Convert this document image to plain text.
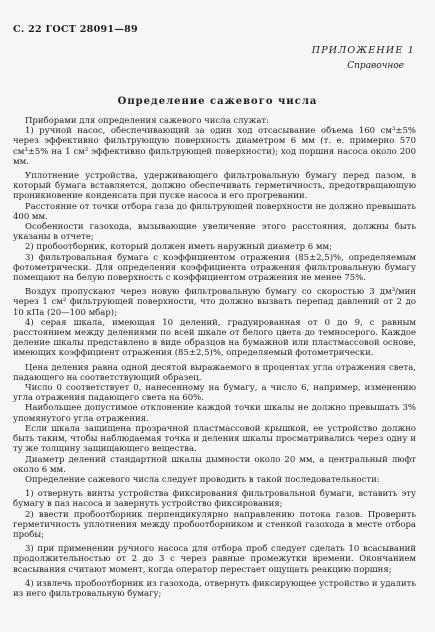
С. 22 ГОСТ 28091—89
ПРИЛОЖЕНИЕ 1
Справочное
Определение сажевого числа

Приборами для определения сажевого числа служат:

1) ручной насос, обеспечивающий за один ход отсасывание объема 160 см³±5% через эффективно фильтрующую поверхность диаметром 6 мм (т. е. примерно 570 см³±5% на 1 см² эффективно фильтрующей поверхности); ход поршня насоса около 200 мм.

Уплотнение устройства, удерживающего фильтровальную бумагу перед пазом, в который бумага вставляется, должно обеспечивать герметичность, предотвращающую проникновение конденсата при пуске насоса и его прогревании.

Расстояние от точки отбора газа до фильтрующей поверхности не должно превышать 400 мм.

Особенности газохода, вызывающие увеличение этого расстояния, должны быть указаны в отчете;

2) пробоотборник, который должен иметь наружный диаметр 6 мм;

3) фильтровальная бумага с коэффициентом отражения (85±2,5)%, определяемым фотометрически. Для определения коэффициента отражения фильтровальную бумагу помещают на белую поверхность с коэффициентом отражения не менее 75%.

Воздух пропускают через новую фильтровальную бумагу со скоростью 3 дм³/мин через 1 см² фильтрующей поверхности, что должно вызвать перепад давлений от 2 до 10 кПа (20—100 мбар);

4) серая шкала, имеющая 10 делений, градуированная от 0 до 9, с равным расстоянием между делениями по всей шкале от белого цвета до темносерого. Каждое деление шкалы представлено в виде образцов на бумажной или пластмассовой основе, имеющих коэффициент отражения (85±2,5)%, определяемый фотометрически.

Цена деления равна одной десятой выражаемого в процентах угла отражения света, падающего на соответствующий образец.

Число 0 соответствует 0, нанесенному на бумагу, а число 6, например, изменению угла отражения падающего света на 60%.

Наибольшее допустимое отклонение каждой точки шкалы не должно превышать 3% упомянутого угла отражения.

Если шкала защищена прозрачной пластмассовой крышкой, ее устройство должно быть таким, чтобы наблюдаемая точка и деления шкалы просматривались через одну и ту же толщину защищающего вещества.

Диаметр делений стандартной шкалы дымности около 20 мм, а центральный люфт около 6 мм.

Определение сажевого числа следует проводить в такой последовательности:

1) отвернуть винты устройства фиксирования фильтровальной бумаги, вставить эту бумагу в паз насоса и завернуть устройство фиксирования;

2) ввести пробоотборник перпендикулярно направлению потока газов. Проверить герметичность уплотнения между пробоотборником и стенкой газохода в месте отбора пробы;

3) при применении ручного насоса для отбора проб следует сделать 10 всасываний продолжительностью от 2 до 3 с через равные промежутки времени. Окончанием всасывания считают момент, когда оператор перестает ощущать реакцию поршня;

4) извлечь пробоотборник из газохода, отвернуть фиксирующее устройство и удалить из него фильтровальную бумагу;
